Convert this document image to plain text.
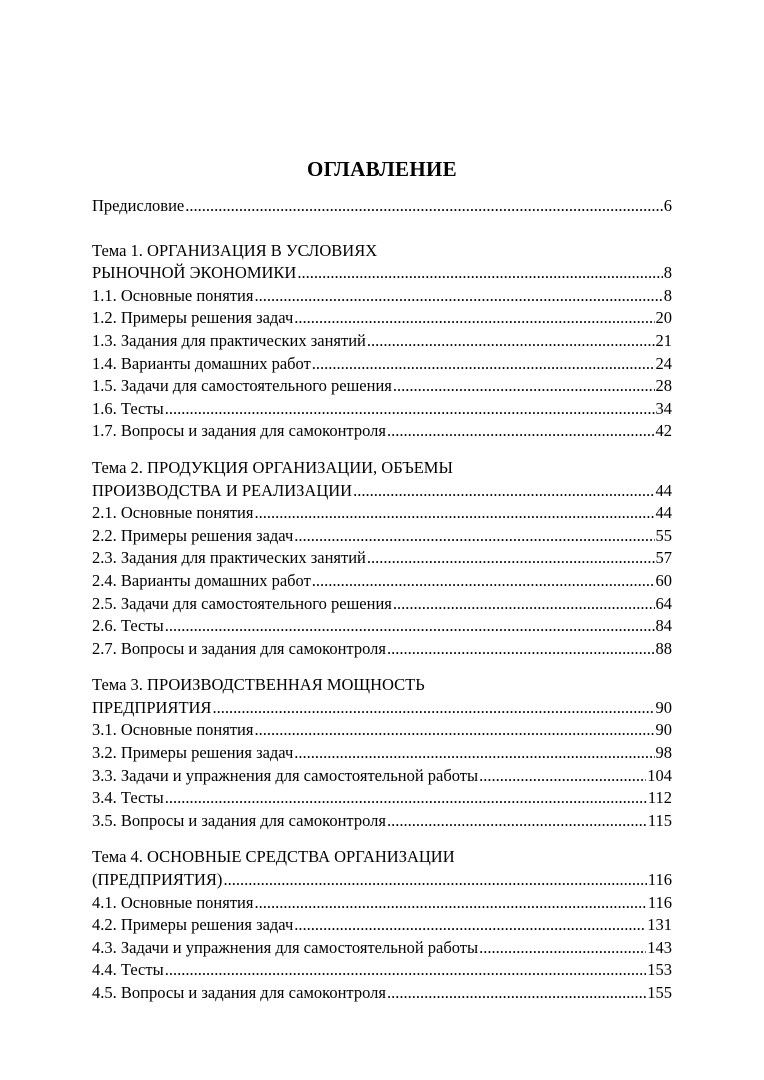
ОГЛАВЛЕНИЕ
Предисловие .....	6
Тема 1. ОРГАНИЗАЦИЯ В УСЛОВИЯХ
РЫНОЧНОЙ ЭКОНОМИКИ .....	8
1.1. Основные понятия .....	8
1.2. Примеры решения задач .....	20
1.3. Задания для практических занятий .....	21
1.4. Варианты домашних работ .....	24
1.5. Задачи для самостоятельного решения .....	28
1.6. Тесты .....	34
1.7. Вопросы и задания для самоконтроля .....	42
Тема 2. ПРОДУКЦИЯ ОРГАНИЗАЦИИ, ОБЪЕМЫ
ПРОИЗВОДСТВА И РЕАЛИЗАЦИИ .....	44
2.1. Основные понятия .....	44
2.2. Примеры решения задач .....	55
2.3. Задания для практических занятий .....	57
2.4. Варианты домашних работ .....	60
2.5. Задачи для самостоятельного решения .....	64
2.6. Тесты .....	84
2.7. Вопросы и задания для самоконтроля .....	88
Тема 3. ПРОИЗВОДСТВЕННАЯ МОЩНОСТЬ
ПРЕДПРИЯТИЯ .....	90
3.1. Основные понятия .....	90
3.2. Примеры решения задач .....	98
3.3. Задачи и упражнения для самостоятельной работы .....	104
3.4. Тесты .....	112
3.5. Вопросы и задания для самоконтроля .....	115
Тема 4. ОСНОВНЫЕ СРЕДСТВА ОРГАНИЗАЦИИ
(ПРЕДПРИЯТИЯ) .....	116
4.1. Основные понятия .....	116
4.2. Примеры решения задач .....	131
4.3. Задачи и упражнения для самостоятельной работы .....	143
4.4. Тесты .....	153
4.5. Вопросы и задания для самоконтроля .....	155
